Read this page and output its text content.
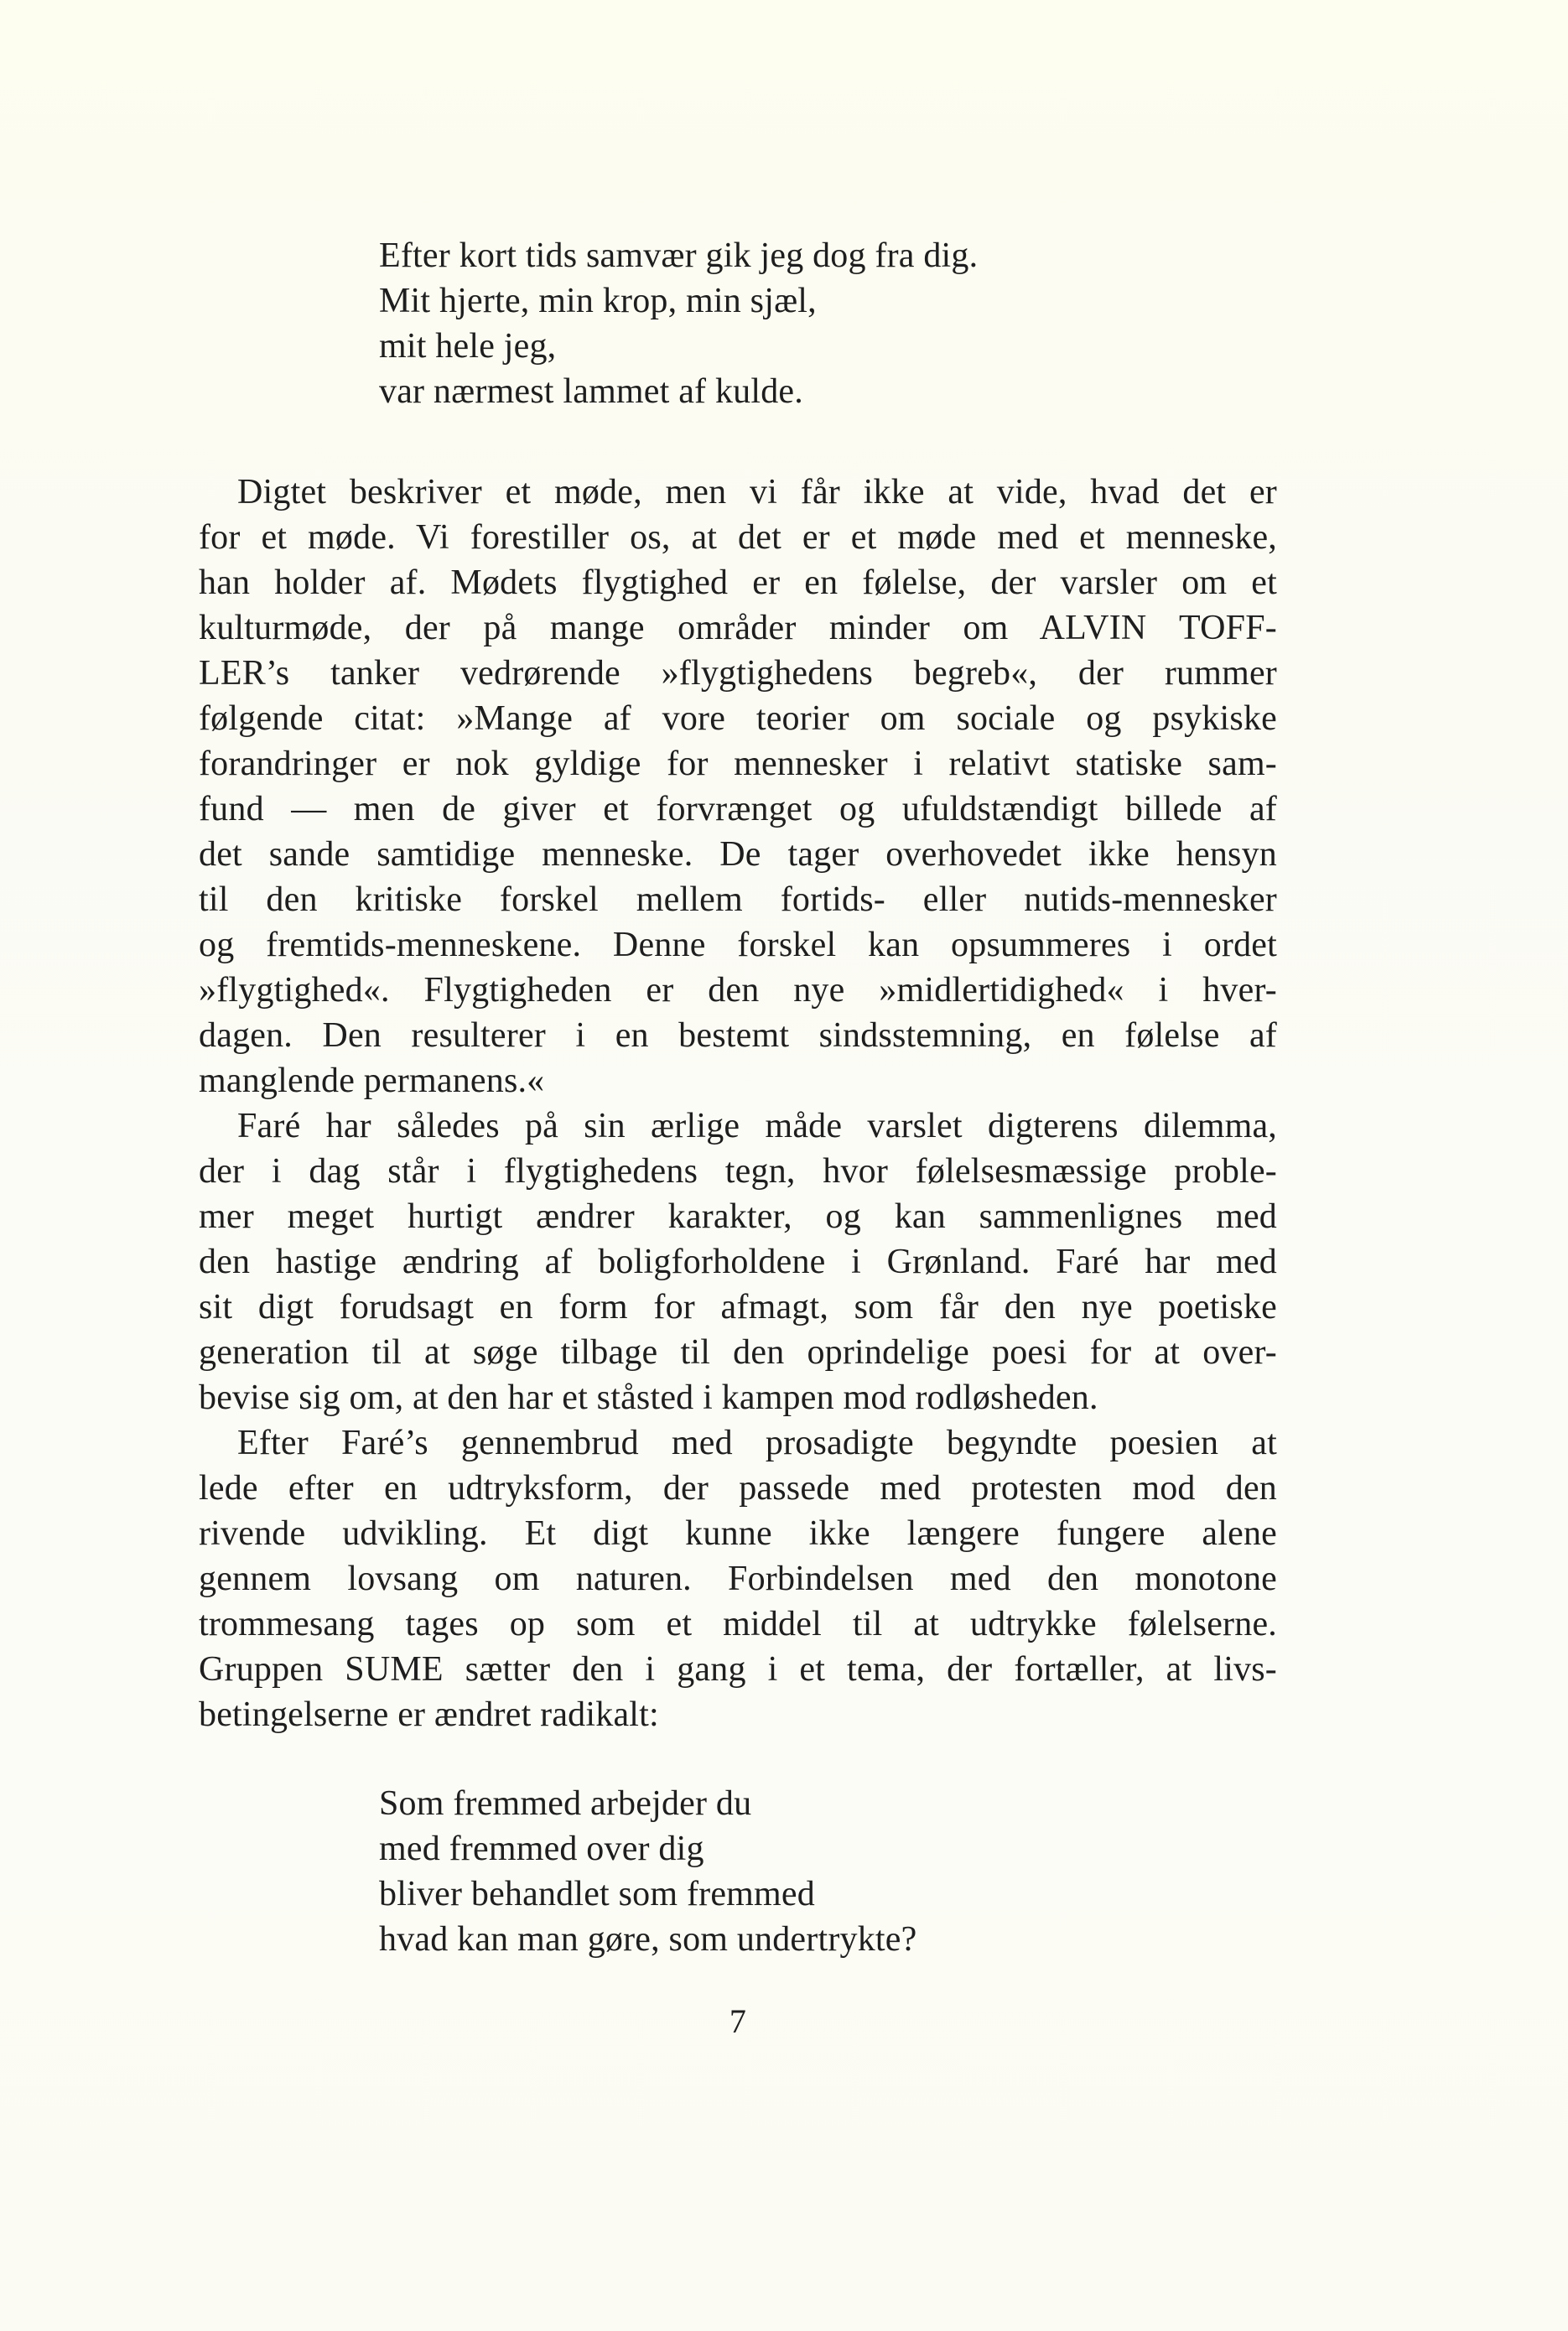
Efter kort tids samvær gik jeg dog fra dig.
Mit hjerte, min krop, min sjæl,
mit hele jeg,
var nærmest lammet af kulde.
Digtet beskriver et møde, men vi får ikke at vide, hvad det er
for et møde. Vi forestiller os, at det er et møde med et menneske,
han holder af. Mødets flygtighed er en følelse, der varsler om et
kulturmøde, der på mange områder minder om ALVIN TOFF-
LER’s tanker vedrørende »flygtighedens begreb«, der rummer
følgende citat: »Mange af vore teorier om sociale og psykiske
forandringer er nok gyldige for mennesker i relativt statiske sam-
fund — men de giver et forvrænget og ufuldstændigt billede af
det sande samtidige menneske. De tager overhovedet ikke hensyn
til den kritiske forskel mellem fortids- eller nutids-mennesker
og fremtids-menneskene. Denne forskel kan opsummeres i ordet
»flygtighed«. Flygtigheden er den nye »midlertidighed« i hver-
dagen. Den resulterer i en bestemt sindsstemning, en følelse af
manglende permanens.«
Faré har således på sin ærlige måde varslet digterens dilemma,
der i dag står i flygtighedens tegn, hvor følelsesmæssige proble-
mer meget hurtigt ændrer karakter, og kan sammenlignes med
den hastige ændring af boligforholdene i Grønland. Faré har med
sit digt forudsagt en form for afmagt, som får den nye poetiske
generation til at søge tilbage til den oprindelige poesi for at over-
bevise sig om, at den har et ståsted i kampen mod rodløsheden.
Efter Faré’s gennembrud med prosadigte begyndte poesien at
lede efter en udtryksform, der passede med protesten mod den
rivende udvikling. Et digt kunne ikke længere fungere alene
gennem lovsang om naturen. Forbindelsen med den monotone
trommesang tages op som et middel til at udtrykke følelserne.
Gruppen SUME sætter den i gang i et tema, der fortæller, at livs-
betingelserne er ændret radikalt:
Som fremmed arbejder du
med fremmed over dig
bliver behandlet som fremmed
hvad kan man gøre, som undertrykte?
7
